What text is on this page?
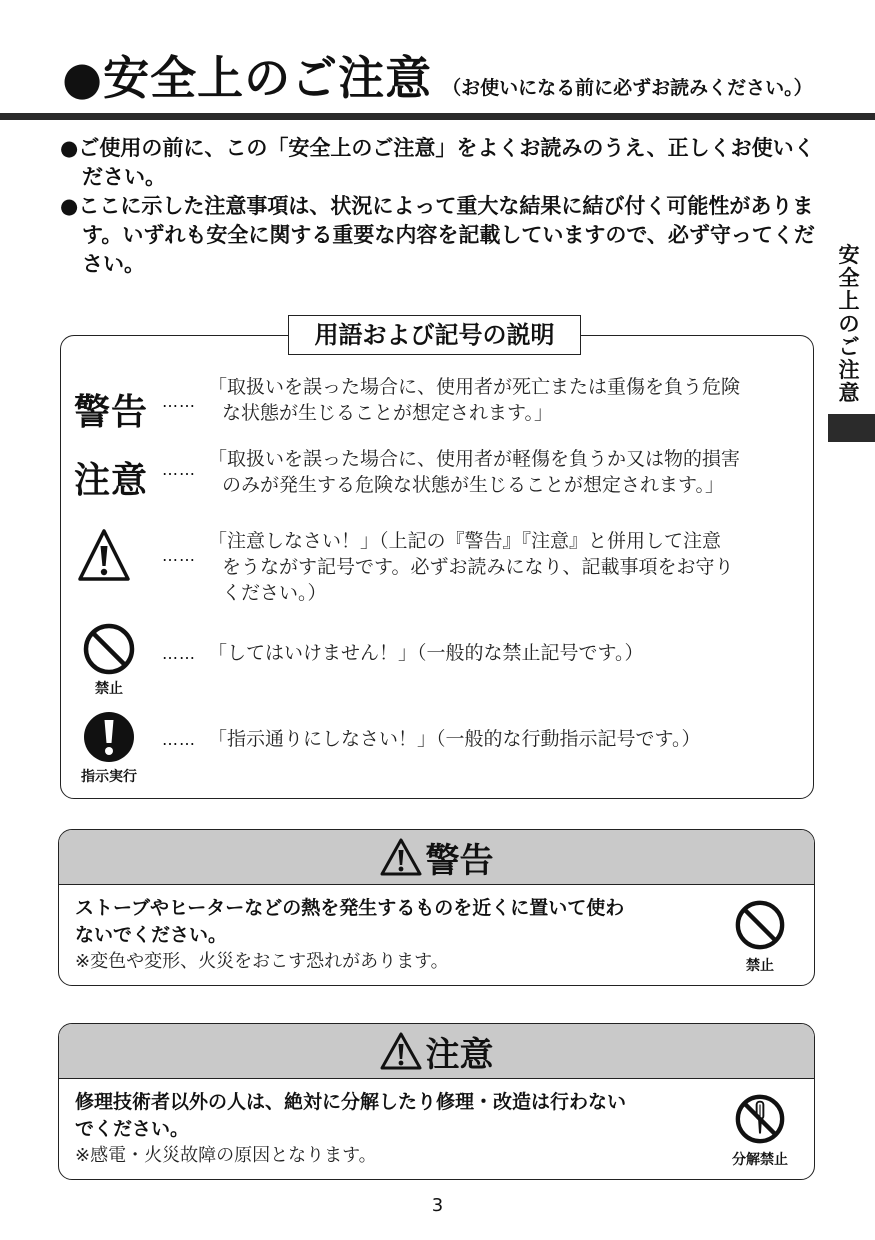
●安全上のご注意 （お使いになる前に必ずお読みください。）
安全上のご注意

●ご使用の前に、この「安全上のご注意」をよくお読みのうえ、正しくお使いください。

●ここに示した注意事項は、状況によって重大な結果に結び付く可能性があります。いずれも安全に関する重要な内容を記載していますので、必ず守ってください。

用語および記号の説明
警告 ……
「取扱いを誤った場合に、使用者が死亡または重傷を負う危険
な状態が生じることが想定されます。」
注意 …… 「取扱いを誤った場合に、使用者が軽傷を負うか又は物的損害
のみが発生する危険な状態が生じることが想定されます。」
……
「注意しなさい！」（上記の『警告』『注意』と併用して注意
をうながす記号です。必ずお読みになり、記載事項をお守り
ください。）
禁止
…… 「してはいけません！」（一般的な禁止記号です。）
指示実行
…… 「指示通りにしなさい！」（一般的な行動指示記号です。）
警告
ストーブやヒーターなどの熱を発生するものを近くに置いて使わ
ないでください。
※変色や変形、火災をおこす恐れがあります。	禁止
注意
修理技術者以外の人は、絶対に分解したり修理・改造は行わない
でください。
※感電・火災故障の原因となります。	分解禁止
3
